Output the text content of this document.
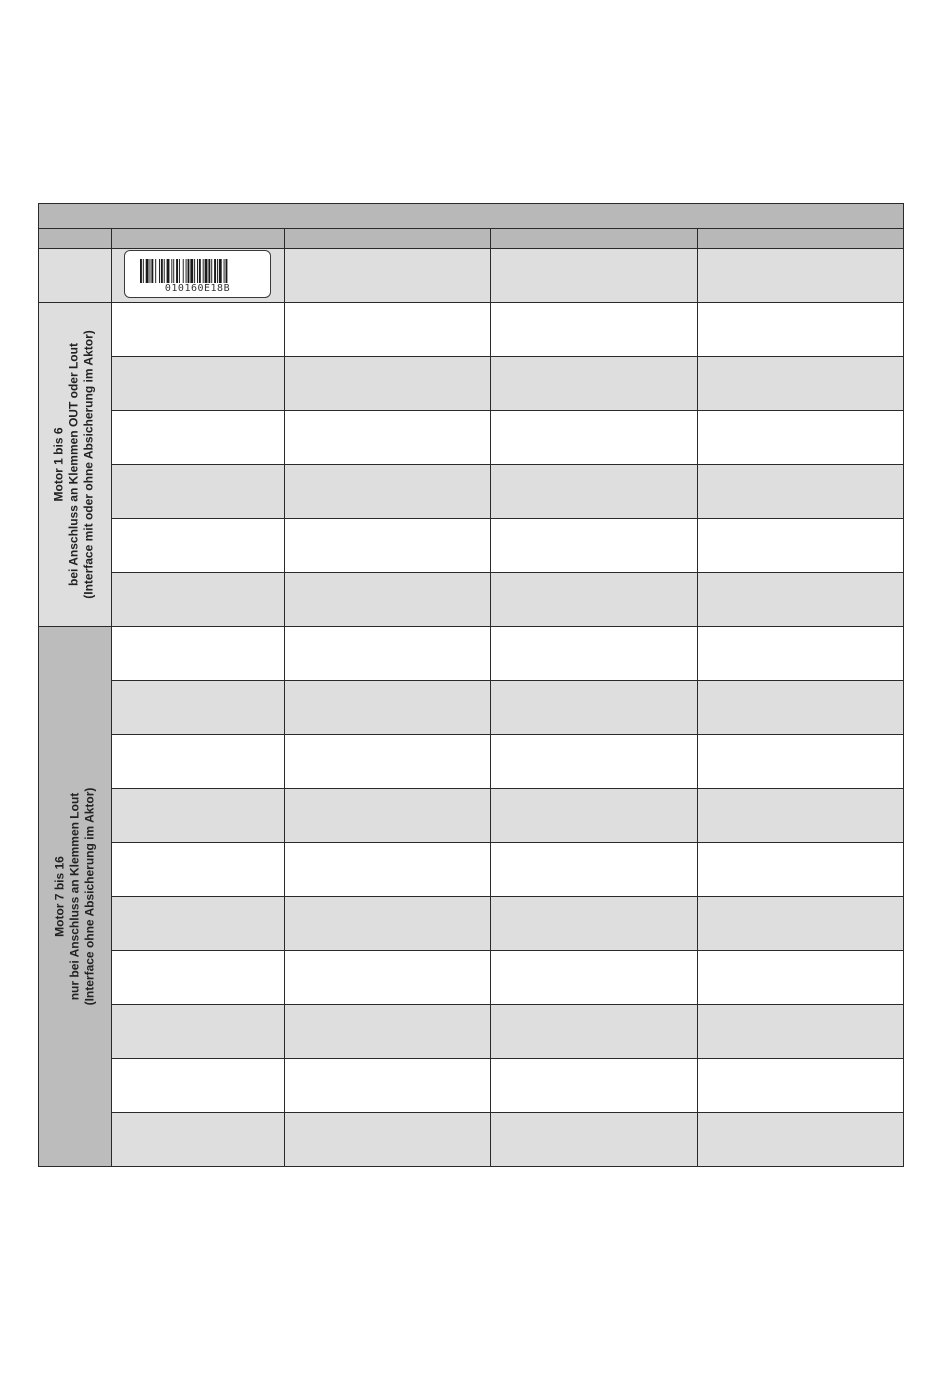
010160E18B
Motor 1 bis 6 bei Anschluss an Klemmen OUT oder Lout (Interface mit oder ohne Absicherung im Aktor)
Motor 7 bis 16 nur bei Anschluss an Klemmen Lout (Interface ohne Absicherung im Aktor)
